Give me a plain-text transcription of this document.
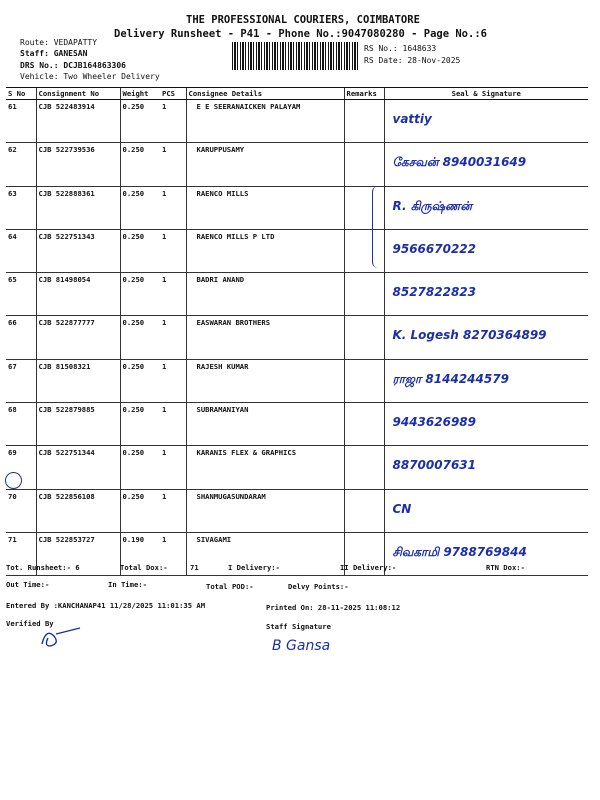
THE PROFESSIONAL COURIERS, COIMBATORE
Delivery Runsheet - P41 - Phone No.:9047080280 - Page No.:6
Route: VEDAPATTY
Staff: GANESAN
DRS No.: DCJB164863306
Vehicle: Two Wheeler Delivery
RS No.: 1648633
RS Date: 28-Nov-2025
S No	Consignment No	Weight	PCS	Consignee Details	Remarks	Seal & Signature
61	CJB 522483914	0.250	1	E E SEERANAICKEN PALAYAM		vattiy
62	CJB 522739536	0.250	1	KARUPPUSAMY		கேசவன் 8940031649
63	CJB 522888361	0.250	1	RAENCO MILLS		R. கிருஷ்ணன்
64	CJB 522751343	0.250	1	RAENCO MILLS P LTD		9566670222
65	CJB 81498054	0.250	1	BADRI ANAND		8527822823
66	CJB 522877777	0.250	1	EASWARAN BROTHERS		K. Logesh 8270364899
67	CJB 81508321	0.250	1	RAJESH KUMAR		ராஜா 8144244579
68	CJB 522879885	0.250	1	SUBRAMANIYAN		9443626989
69	CJB 522751344	0.250	1	KARANIS FLEX & GRAPHICS		8870007631
70	CJB 522856108	0.250	1	SHANMUGASUNDARAM		CN
71	CJB 522853727	0.190	1	SIVAGAMI		சிவகாமி 9788769844
Tot. Runsheet:- 6	Total Dox:-	71	I Delivery:-	II Delivery:-	RTN Dox:-
Out Time:-	In Time:-	Total POD:-	Delvy Points:-
Entered By :KANCHANAP41 11/28/2025 11:01:35 AM	Printed On: 28-11-2025 11:08:12
Verified By	Staff Signature
B Gansa
